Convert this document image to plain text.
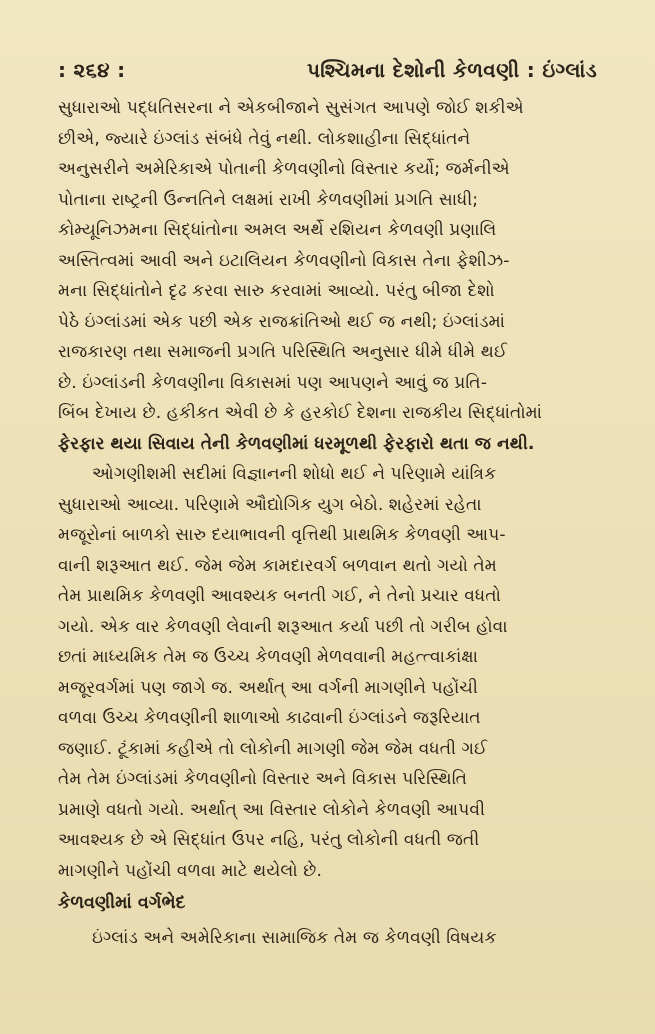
: ૨૬૪ :	પશ્ચિમના દેશોની કેળવણી : ઇંગ્લાંડ

સુધારાઓ પદ્ધતિસરના ને એકબીજાને સુસંગત આપણે જોઈ શકીએ
છીએ, જ્યારે ઇંગ્લાંડ સંબંધે તેવું નથી. લોકશાહીના સિદ્ધાંતને
અનુસરીને અમેરિકાએ પોતાની કેળવણીનો વિસ્તાર કર્યો; જર્મનીએ
પોતાના રાષ્ટ્રની ઉન્નતિને લક્ષમાં રાખી કેળવણીમાં પ્રગતિ સાધી;
કોમ્યૂનિઝમના સિદ્ધાંતોના અમલ અર્થે રશિયન કેળવણી પ્રણાલિ
અસ્તિત્વમાં આવી અને ઇટાલિયન કેળવણીનો વિકાસ તેના ફેશીઝ-
મના સિદ્ધાંતોને દૃઢ કરવા સારુ કરવામાં આવ્યો. પરંતુ બીજા દેશો
પેઠે ઇંગ્લાંડમાં એક પછી એક રાજક્રાંતિઓ થઈ જ નથી; ઇંગ્લાંડમાં
રાજકારણ તથા સમાજની પ્રગતિ પરિસ્થિતિ અનુસાર ધીમે ધીમે થઈ
છે. ઇંગ્લાંડની કેળવણીના વિકાસમાં પણ આપણને આવું જ પ્રતિ-
બિંબ દેખાય છે. હકીકત એવી છે કે હરકોઈ દેશના રાજકીય સિદ્ધાંતોમાં
ફેરફાર થયા સિવાય તેની કેળવણીમાં ધરમૂળથી ફેરફારો થતા જ નથી.

ઓગણીશમી સદીમાં વિજ્ઞાનની શોધો થઈ ને પરિણામે યાંત્રિક
સુધારાઓ આવ્યા. પરિણામે ઔદ્યોગિક યુગ બેઠો. શહેરમાં રહેતા
મજૂરોનાં બાળકો સારુ દયાભાવની વૃત્તિથી પ્રાથમિક કેળવણી આપ-
વાની શરૂઆત થઈ. જેમ જેમ કામદારવર્ગ બળવાન થતો ગયો તેમ
તેમ પ્રાથમિક કેળવણી આવશ્યક બનતી ગઈ, ને તેનો પ્રચાર વધતો
ગયો. એક વાર કેળવણી લેવાની શરૂઆત કર્યા પછી તો ગરીબ હોવા
છતાં માધ્યમિક તેમ જ ઉચ્ચ કેળવણી મેળવવાની મહત્ત્વાકાંક્ષા
મજૂરવર્ગમાં પણ જાગે જ. અર્થાત્ આ વર્ગની માગણીને પહોંચી
વળવા ઉચ્ચ કેળવણીની શાળાઓ કાઢવાની ઇંગ્લાંડને જરૂરિયાત
જણાઈ. ટૂંકામાં કહીએ તો લોકોની માગણી જેમ જેમ વધતી ગઈ
તેમ તેમ ઇંગ્લાંડમાં કેળવણીનો વિસ્તાર અને વિકાસ પરિસ્થિતિ
પ્રમાણે વધતો ગયો. અર્થાત્ આ વિસ્તાર લોકોને કેળવણી આપવી
આવશ્યક છે એ સિદ્ધાંત ઉપર નહિ, પરંતુ લોકોની વધતી જતી
માગણીને પહોંચી વળવા માટે થયેલો છે.

કેળવણીમાં વર્ગભેદ

ઇંગ્લાંડ અને અમેરિકાના સામાજિક તેમ જ કેળવણી વિષયક
